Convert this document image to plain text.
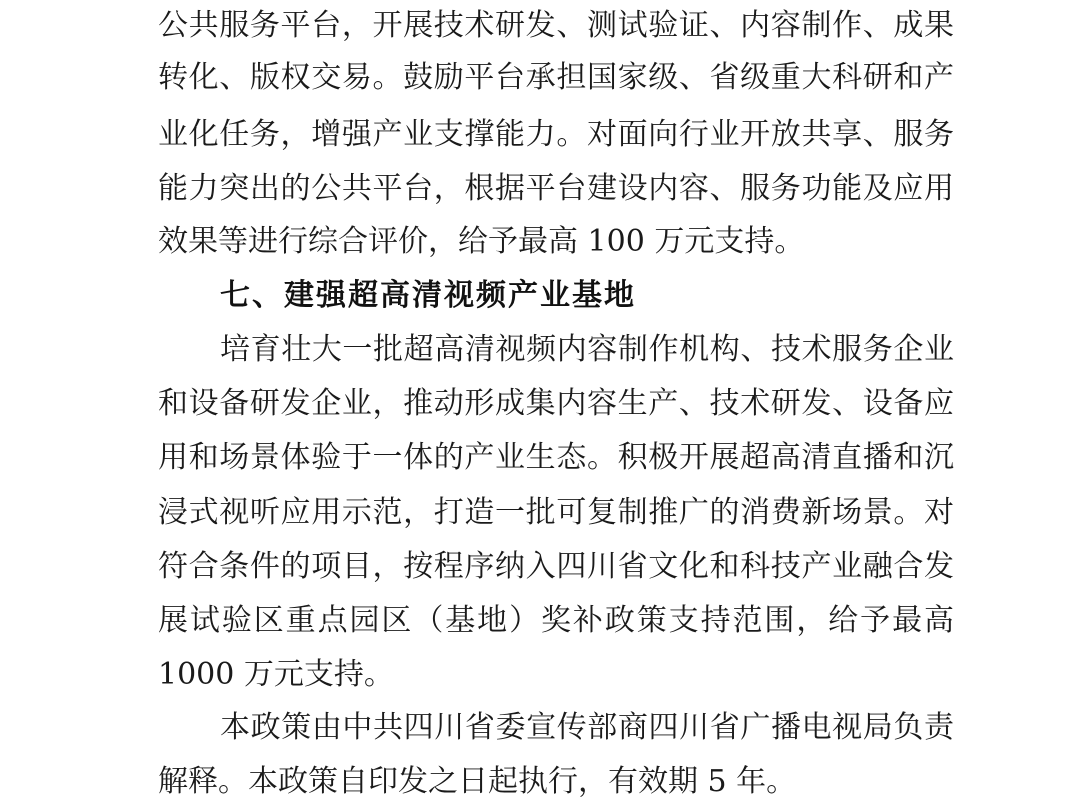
公共服务平台，开展技术研发、测试验证、内容制作、成果
转化、版权交易。鼓励平台承担国家级、省级重大科研和产
业化任务，增强产业支撑能力。对面向行业开放共享、服务
能力突出的公共平台，根据平台建设内容、服务功能及应用
效果等进行综合评价，给予最高 100 万元支持。
七、建强超高清视频产业基地
培育壮大一批超高清视频内容制作机构、技术服务企业
和设备研发企业，推动形成集内容生产、技术研发、设备应
用和场景体验于一体的产业生态。积极开展超高清直播和沉
浸式视听应用示范，打造一批可复制推广的消费新场景。对
符合条件的项目，按程序纳入四川省文化和科技产业融合发
展试验区重点园区（基地）奖补政策支持范围，给予最高
1000 万元支持。
本政策由中共四川省委宣传部商四川省广播电视局负责
解释。本政策自印发之日起执行，有效期 5 年。
